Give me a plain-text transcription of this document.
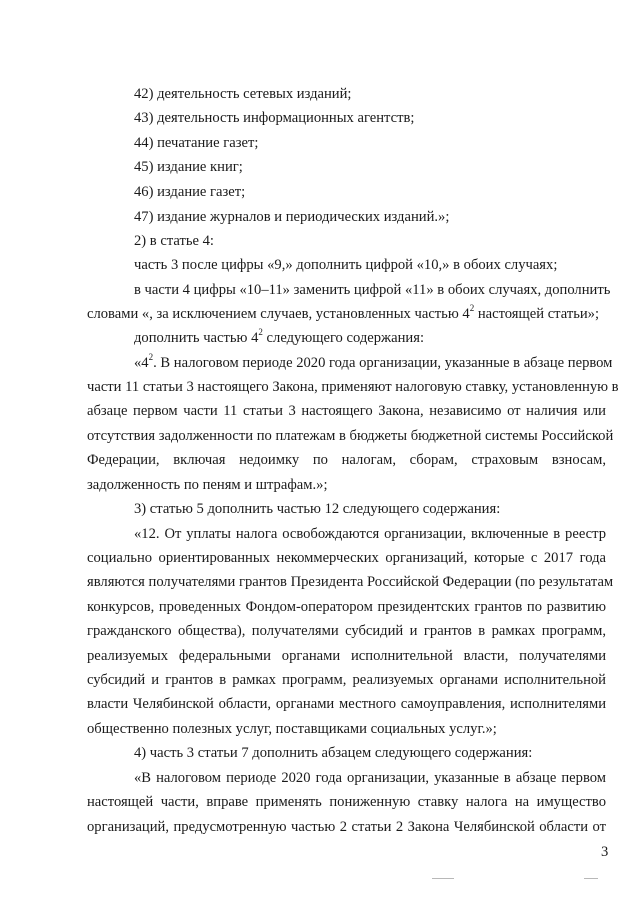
42) деятельность сетевых изданий;
43) деятельность информационных агентств;
44) печатание газет;
45) издание книг;
46) издание газет;
47) издание журналов и периодических изданий.»;
2) в статье 4:
часть 3 после цифры «9,» дополнить цифрой «10,» в обоих случаях;
в части 4 цифры «10–11» заменить цифрой «11» в обоих случаях, дополнить
словами «, за исключением случаев, установленных частью $4^2$ настоящей статьи»;
дополнить частью $4^2$ следующего содержания:
«$4^2$. В налоговом периоде 2020 года организации, указанные в абзаце первом
части 11 статьи 3 настоящего Закона, применяют налоговую ставку, установленную в
абзаце первом части 11 статьи 3 настоящего Закона, независимо от наличия или
отсутствия задолженности по платежам в бюджеты бюджетной системы Российской
Федерации, включая недоимку по налогам, сборам, страховым взносам,
задолженность по пеням и штрафам.»;
3) статью 5 дополнить частью 12 следующего содержания:
«12. От уплаты налога освобождаются организации, включенные в реестр
социально ориентированных некоммерческих организаций, которые с 2017 года
являются получателями грантов Президента Российской Федерации (по результатам
конкурсов, проведенных Фондом-оператором президентских грантов по развитию
гражданского общества), получателями субсидий и грантов в рамках программ,
реализуемых федеральными органами исполнительной власти, получателями
субсидий и грантов в рамках программ, реализуемых органами исполнительной
власти Челябинской области, органами местного самоуправления, исполнителями
общественно полезных услуг, поставщиками социальных услуг.»;
4) часть 3 статьи 7 дополнить абзацем следующего содержания:
«В налоговом периоде 2020 года организации, указанные в абзаце первом
настоящей части, вправе применять пониженную ставку налога на имущество
организаций, предусмотренную частью 2 статьи 2 Закона Челябинской области от
3
